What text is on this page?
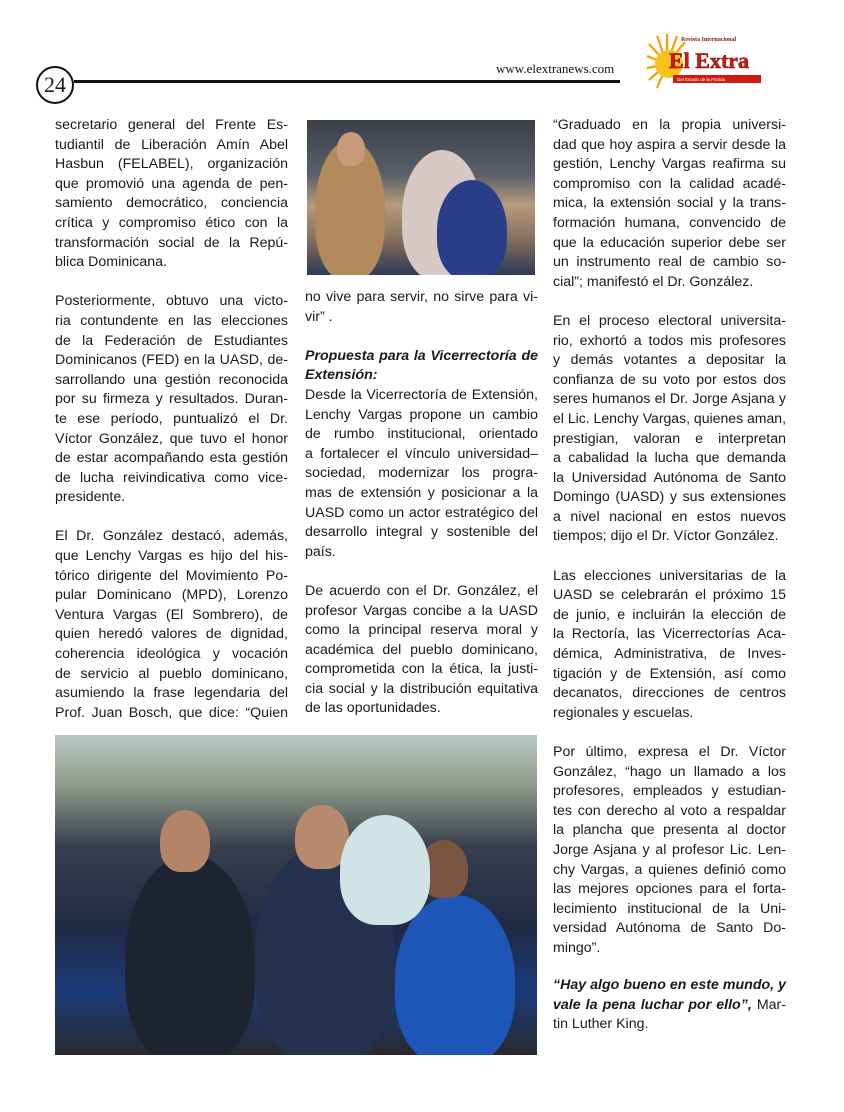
24
www.elextranews.com
Revista Internacional
El Extra
Del Estado de la Florida
secretario general del Frente Es-
tudiantil de Liberación Amín Abel
Hasbun (FELABEL), organización
que promovió una agenda de pen-
samiento democrático, conciencia
crítica y compromiso ético con la
transformación social de la Repú-
blica Dominicana.
Posteriormente, obtuvo una victo-
ria contundente en las elecciones
de la Federación de Estudiantes
Dominicanos (FED) en la UASD, de-
sarrollando una gestión reconocida
por su firmeza y resultados. Duran-
te ese período, puntualizó el Dr.
Víctor González, que tuvo el honor
de estar acompañando esta gestión
de lucha reivindicativa como vice-
presidente.
El Dr. González destacó, además,
que Lenchy Vargas es hijo del his-
tórico dirigente del Movimiento Po-
pular Dominicano (MPD), Lorenzo
Ventura Vargas (El Sombrero), de
quien heredó valores de dignidad,
coherencia ideológica y vocación
de servicio al pueblo dominicano,
asumiendo la frase legendaria del
Prof. Juan Bosch, que dice: “Quien
no vive para servir, no sirve para vi-
vir” .
Propuesta para la Vicerrectoría de
Extensión:
Desde la Vicerrectoría de Extensión,
Lenchy Vargas propone un cambio
de rumbo institucional, orientado
a fortalecer el vínculo universidad–
sociedad, modernizar los progra-
mas de extensión y posicionar a la
UASD como un actor estratégico del
desarrollo integral y sostenible del
país.
De acuerdo con el Dr. González, el
profesor Vargas concibe a la UASD
como la principal reserva moral y
académica del pueblo dominicano,
comprometida con la ética, la justi-
cia social y la distribución equitativa
de las oportunidades.
“Graduado en la propia universi-
dad que hoy aspira a servir desde la
gestión, Lenchy Vargas reafirma su
compromiso con la calidad acadé-
mica, la extensión social y la trans-
formación humana, convencido de
que la educación superior debe ser
un instrumento real de cambio so-
cial”; manifestó el Dr. González.
En el proceso electoral universita-
rio, exhortó a todos mis profesores
y demás votantes a depositar la
confianza de su voto por estos dos
seres humanos el Dr. Jorge Asjana y
el Lic. Lenchy Vargas, quienes aman,
prestigian, valoran e interpretan
a cabalidad la lucha que demanda
la Universidad Autónoma de Santo
Domingo (UASD) y sus extensiones
a nivel nacional en estos nuevos
tiempos; dijo el Dr. Víctor González.
Las elecciones universitarias de la
UASD se celebrarán el próximo 15
de junio, e incluirán la elección de
la Rectoría, las Vicerrectorías Aca-
démica, Administrativa, de Inves-
tigación y de Extensión, así como
decanatos, direcciones de centros
regionales y escuelas.
Por último, expresa el Dr. Víctor
González, “hago un llamado a los
profesores, empleados y estudian-
tes con derecho al voto a respaldar
la plancha que presenta al doctor
Jorge Asjana y al profesor Lic. Len-
chy Vargas, a quienes definió como
las mejores opciones para el forta-
lecimiento institucional de la Uni-
versidad Autónoma de Santo Do-
mingo”.
“Hay algo bueno en este mundo, y
vale la pena luchar por ello”, Mar-
tin Luther King.
